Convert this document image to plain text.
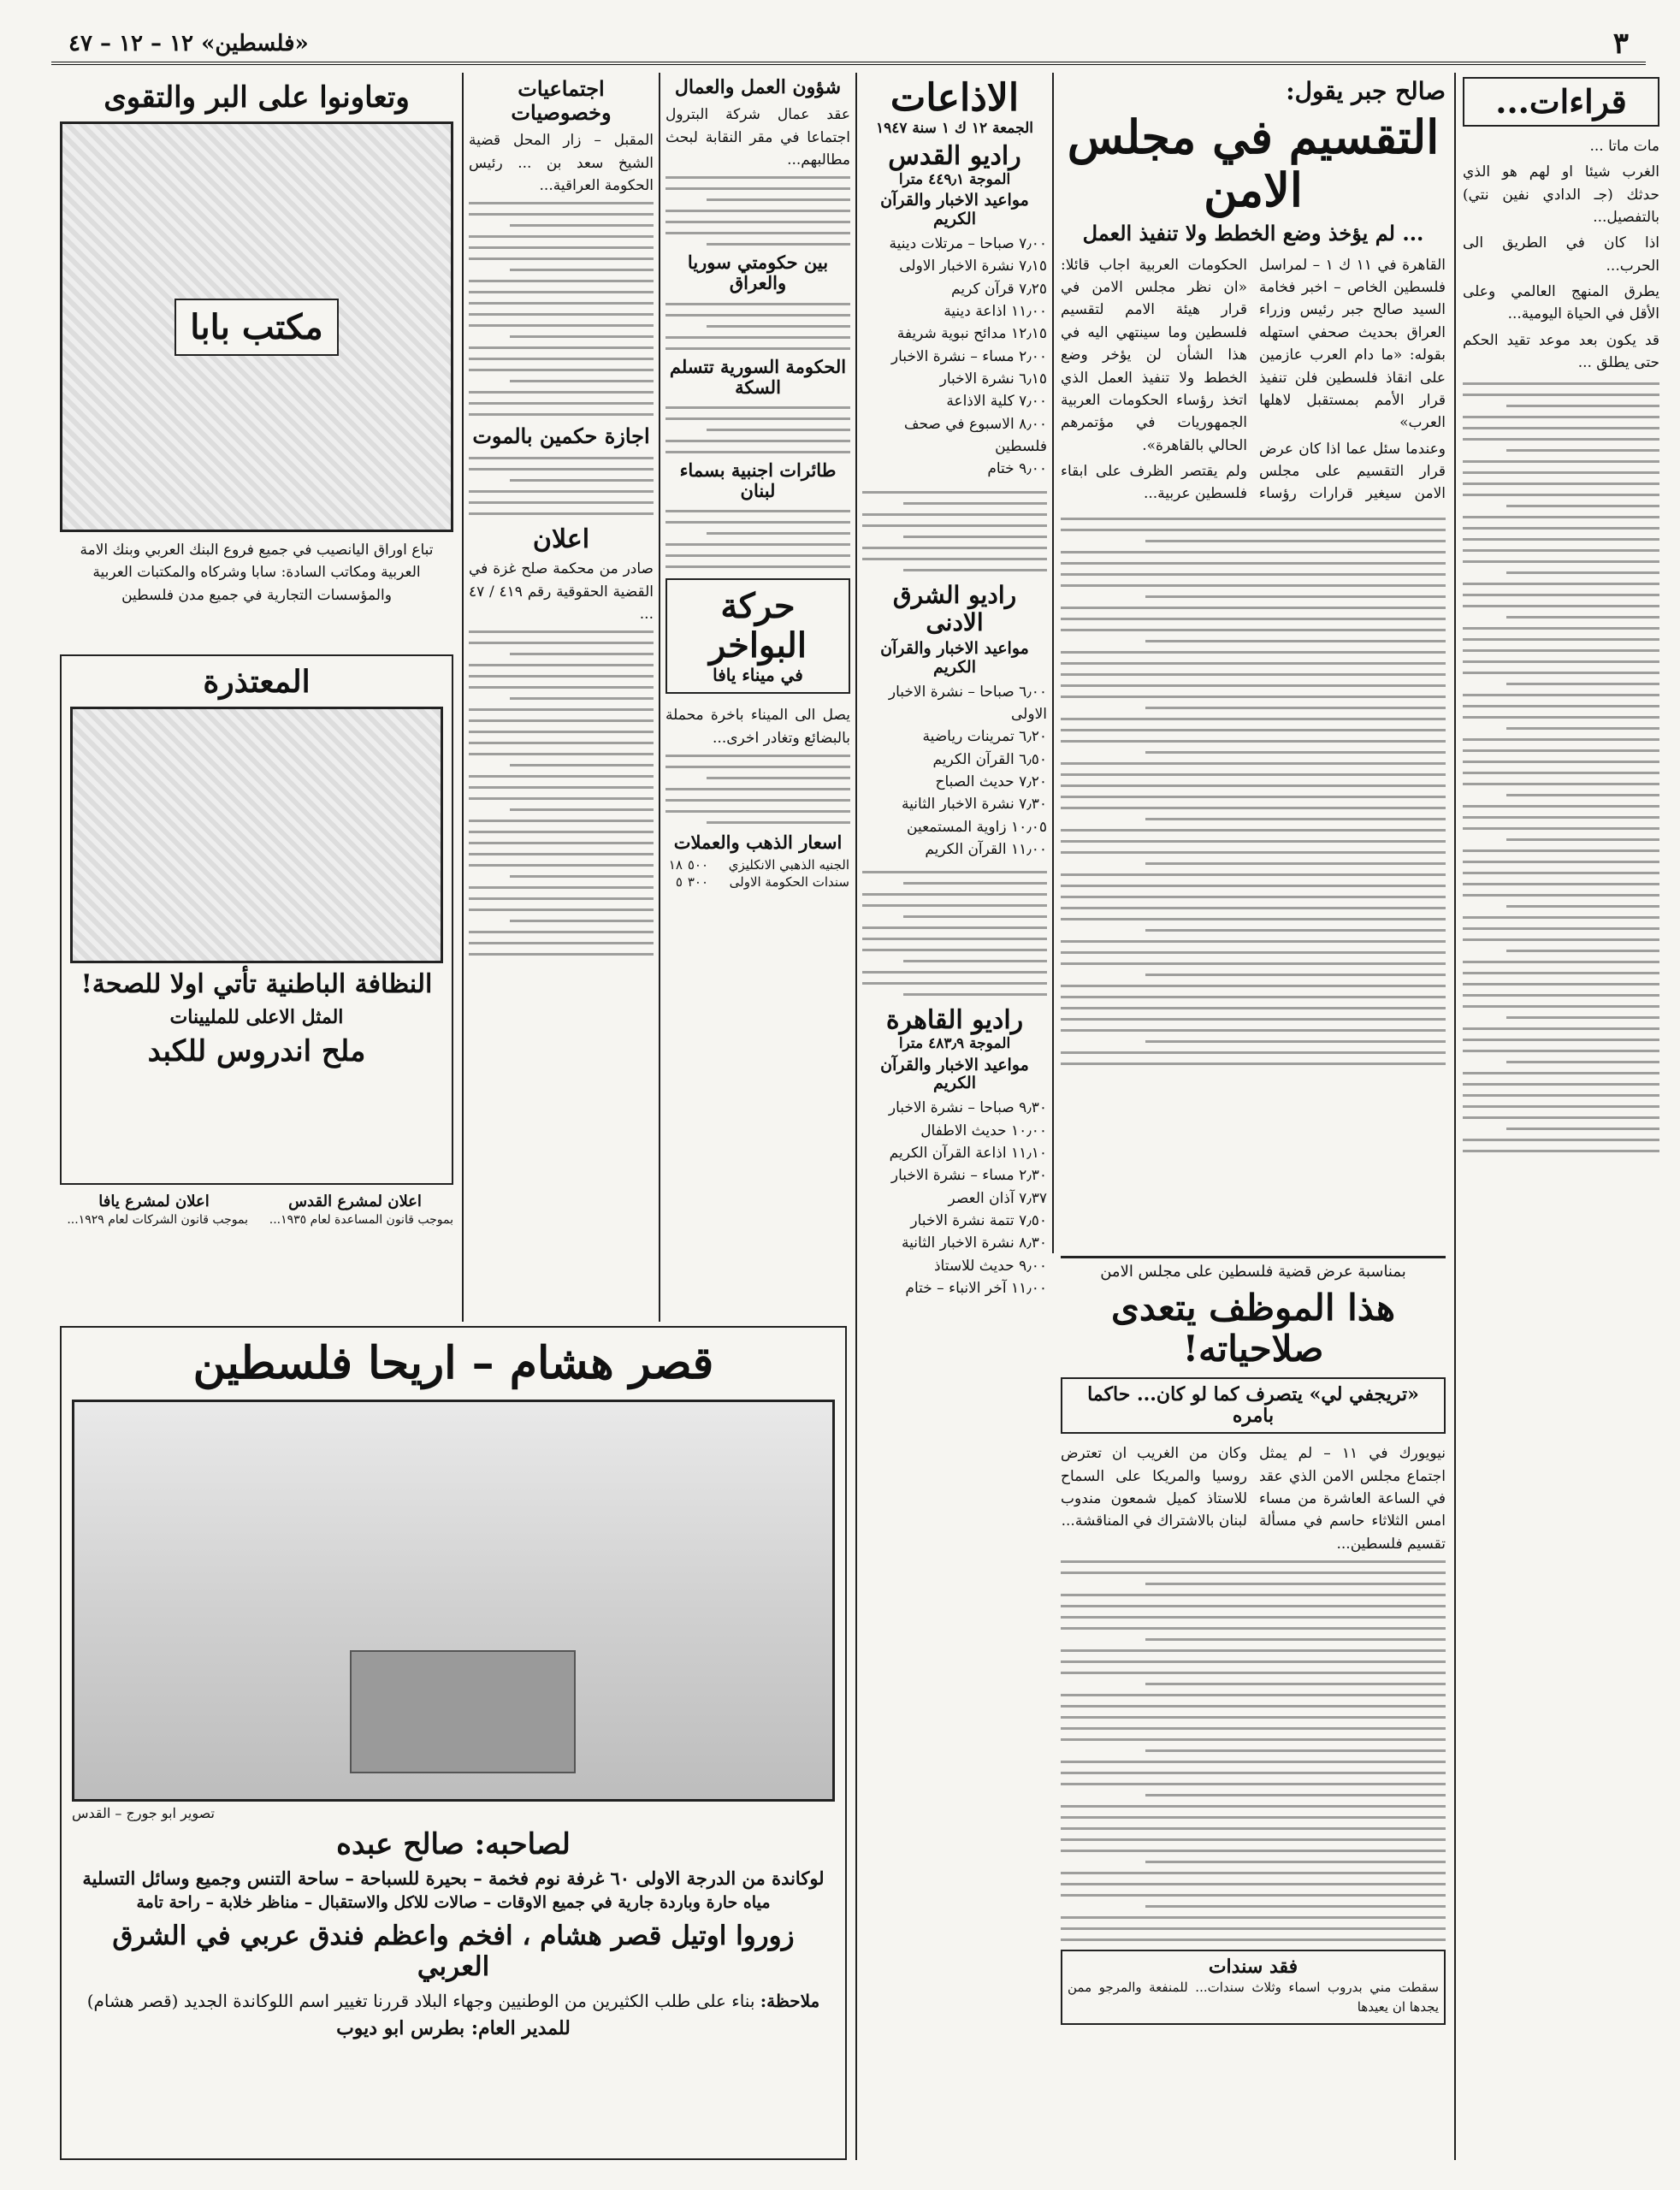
٣
«فلسطين» ١٢ – ١٢ – ٤٧
قراءات...

مات ماتا ...

الغرب شيئا او لهم هو الذي حدثك (جـ الدادي نفين نتي) بالتفصيل...

اذا كان في الطريق الى الحرب...

يطرق المنهج العالمي وعلى الأقل في الحياة اليومية...

قد يكون بعد موعد تقيد الحكم حتى يطلق ...

صالح جبر يقول:
التقسيم في مجلس الامن
... لم يؤخذ وضع الخطط ولا تنفيذ العمل

القاهرة في ١١ ك ١ – لمراسل فلسطين الخاص – اخبر فخامة السيد صالح جبر رئيس وزراء العراق بحديث صحفي استهله بقوله: «ما دام العرب عازمين على انقاذ فلسطين فلن تنفيذ قرار الأمم بمستقبل لاهلها العرب»

وعندما سئل عما اذا كان عرض قرار التقسيم على مجلس الامن سيغير قرارات رؤساء الحكومات العربية اجاب قائلا: «ان نظر مجلس الامن في قرار هيئة الامم لتقسيم فلسطين وما سينتهي اليه في هذا الشأن لن يؤخر وضع الخطط ولا تنفيذ العمل الذي اتخذ رؤساء الحكومات العربية الجمهوريات في مؤتمرهم الحالي بالقاهرة».

ولم يقتصر الظرف على ابقاء فلسطين عربية...

بمناسبة عرض قضية فلسطين على مجلس الامن
هذا الموظف يتعدى صلاحياته!
«تريجفي لي» يتصرف كما لو كان... حاكما بامره

نيويورك في ١١ – لم يمثل اجتماع مجلس الامن الذي عقد في الساعة العاشرة من مساء امس الثلاثاء حاسم في مسألة تقسيم فلسطين...

وكان من الغريب ان تعترض روسيا والمريكا على السماح للاستاذ كميل شمعون مندوب لبنان بالاشتراك في المناقشة...

فقد سندات
سقطت مني بدروب اسماء وثلاث سندات... للمنفعة والمرجو ممن يجدها ان يعيدها
الاذاعات
الجمعة ١٢ ك ١ سنة ١٩٤٧
راديو القدس
الموجة ٤٤٩٫١ مترا
مواعيد الاخبار والقرآن الكريم
٧٫٠٠ صباحا – مرتلات دينية
٧٫١٥ نشرة الاخبار الاولى
٧٫٢٥ قرآن كريم
١١٫٠٠ اذاعة دينية
١٢٫١٥ مدائح نبوية شريفة
٢٫٠٠ مساء – نشرة الاخبار
٦٫١٥ نشرة الاخبار
٧٫٠٠ كلية الاذاعة
٨٫٠٠ الاسبوع في صحف فلسطين
٩٫٠٠ ختام
راديو الشرق الادنى
مواعيد الاخبار والقرآن الكريم
٦٫٠٠ صباحا – نشرة الاخبار الاولى
٦٫٢٠ تمرينات رياضية
٦٫٥٠ القرآن الكريم
٧٫٢٠ حديث الصباح
٧٫٣٠ نشرة الاخبار الثانية
١٠٫٠٥ زاوية المستمعين
١١٫٠٠ القرآن الكريم
راديو القاهرة
الموجة ٤٨٣٫٩ مترا
مواعيد الاخبار والقرآن الكريم
٩٫٣٠ صباحا – نشرة الاخبار
١٠٫٠٠ حديث الاطفال
١١٫١٠ اذاعة القرآن الكريم
٢٫٣٠ مساء – نشرة الاخبار
٧٫٣٧ آذان العصر
٧٫٥٠ تتمة نشرة الاخبار
٨٫٣٠ نشرة الاخبار الثانية
٩٫٠٠ حديث للاستاذ
١١٫٠٠ آخر الانباء – ختام
شؤون العمل والعمال
عقد عمال شركة البترول اجتماعا في مقر النقابة لبحث مطالبهم...
بين حكومتي سوريا والعراق
الحكومة السورية تتسلم السكة
طائرات اجنبية بسماء لبنان
حركة البواخر
في ميناء يافا
يصل الى الميناء باخرة محملة بالبضائع وتغادر اخرى...
اسعار الذهب والعملات
الجنيه الذهبي الانكليزي	٥٠٠	١٨
سندات الحكومة الاولى	٣٠٠	٥
اجتماعيات وخصوصيات
المقبل – زار المحل قضية الشيخ سعد بن ... رئيس الحكومة العراقية...
اجازة حكمين بالموت
اعلان
صادر من محكمة صلح غزة في القضية الحقوقية رقم ٤١٩ / ٤٧ ...
وتعاونوا على البر والتقوى
مكتب بابا
تباع اوراق اليانصيب في جميع فروع البنك العربي وبنك الامة العربية ومكاتب السادة: سابا وشركاه والمكتبات العربية والمؤسسات التجارية في جميع مدن فلسطين
المعتذرة
النظافة الباطنية تأتي اولا للصحة!
المثل الاعلى للمليينات
ملح اندروس للكبد
اعلان لمشرع القدس
بموجب قانون المساعدة لعام ١٩٣٥...
اعلان لمشرع يافا
بموجب قانون الشركات لعام ١٩٢٩...
قصر هشام – اريحا فلسطين
تصوير ابو جورج – القدس
لصاحبه: صالح عبده
لوكاندة من الدرجة الاولى ٦٠ غرفة نوم فخمة – بحيرة للسباحة – ساحة التنس وجميع وسائل التسلية
مياه حارة وباردة جارية في جميع الاوقات – صالات للاكل والاستقبال – مناظر خلابة – راحة تامة
زوروا اوتيل قصر هشام ، افخم واعظم فندق عربي في الشرق العربي
ملاحظة: بناء على طلب الكثيرين من الوطنيين وجهاء البلاد قررنا تغيير اسم اللوكاندة الجديد (قصر هشام)
للمدير العام: بطرس ابو ديوب
